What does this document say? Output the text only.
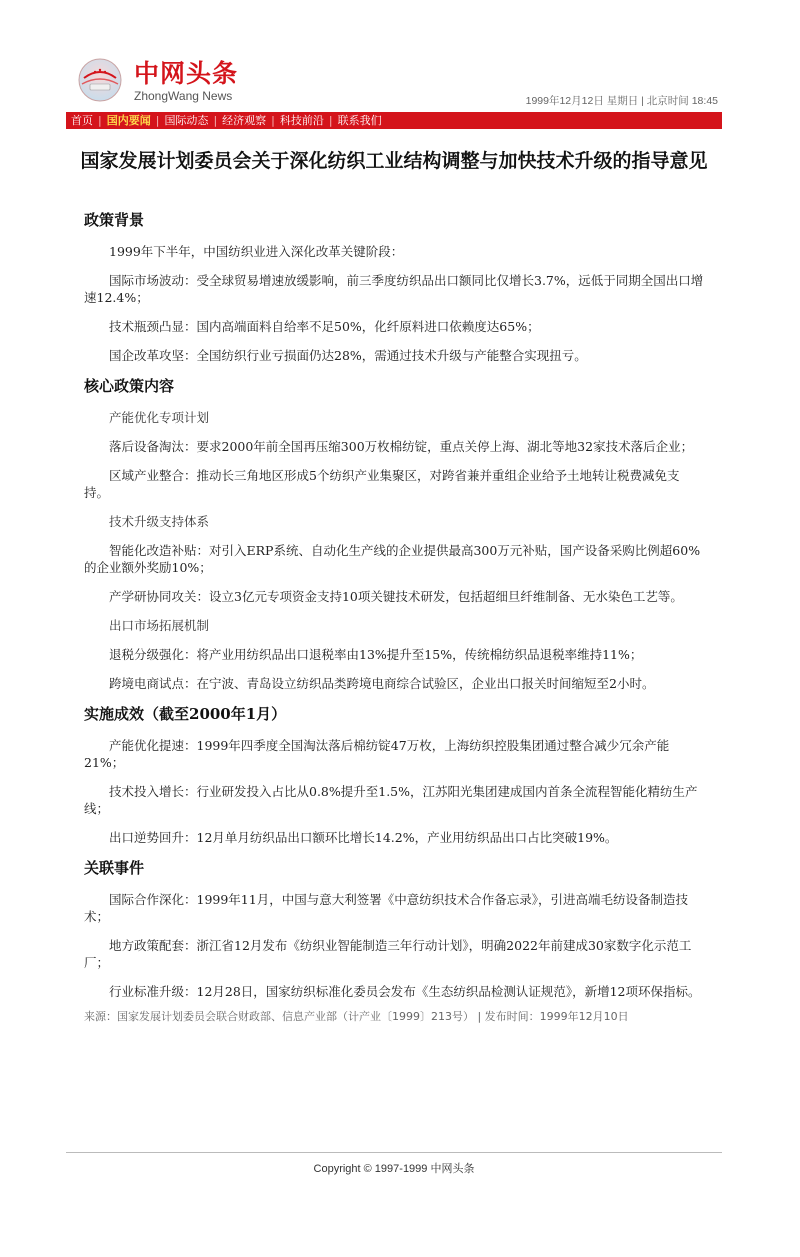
中网头条
ZhongWang News	1999年12月12日 星期日 | 北京时间 18:45
首页 | 国内要闻 | 国际动态 | 经济观察 | 科技前沿 | 联系我们
国家发展计划委员会关于深化纺织工业结构调整与加快技术升级的指导意见
政策背景

1999年下半年，中国纺织业进入深化改革关键阶段：

国际市场波动：受全球贸易增速放缓影响，前三季度纺织品出口额同比仅增长3.7%，远低于同期全国出口增速12.4%；

技术瓶颈凸显：国内高端面料自给率不足50%，化纤原料进口依赖度达65%；

国企改革攻坚：全国纺织行业亏损面仍达28%，需通过技术升级与产能整合实现扭亏。

核心政策内容
产能优化专项计划

落后设备淘汰：要求2000年前全国再压缩300万枚棉纺锭，重点关停上海、湖北等地32家技术落后企业；

区域产业整合：推动长三角地区形成5个纺织产业集聚区，对跨省兼并重组企业给予土地转让税费减免支持。

技术升级支持体系

智能化改造补贴：对引入ERP系统、自动化生产线的企业提供最高300万元补贴，国产设备采购比例超60%的企业额外奖励10%；

产学研协同攻关：设立3亿元专项资金支持10项关键技术研发，包括超细旦纤维制备、无水染色工艺等。

出口市场拓展机制

退税分级强化：将产业用纺织品出口退税率由13%提升至15%，传统棉纺织品退税率维持11%；

跨境电商试点：在宁波、青岛设立纺织品类跨境电商综合试验区，企业出口报关时间缩短至2小时。

实施成效（截至2000年1月）

产能优化提速：1999年四季度全国淘汰落后棉纺锭47万枚，上海纺织控股集团通过整合减少冗余产能21%；

技术投入增长：行业研发投入占比从0.8%提升至1.5%，江苏阳光集团建成国内首条全流程智能化精纺生产线；

出口逆势回升：12月单月纺织品出口额环比增长14.2%，产业用纺织品出口占比突破19%。

关联事件

国际合作深化：1999年11月，中国与意大利签署《中意纺织技术合作备忘录》，引进高端毛纺设备制造技术；

地方政策配套：浙江省12月发布《纺织业智能制造三年行动计划》，明确2022年前建成30家数字化示范工厂；

行业标准升级：12月28日，国家纺织标准化委员会发布《生态纺织品检测认证规范》，新增12项环保指标。

来源：国家发展计划委员会联合财政部、信息产业部（计产业〔1999〕213号） | 发布时间：1999年12月10日
Copyright © 1997-1999 中网头条
